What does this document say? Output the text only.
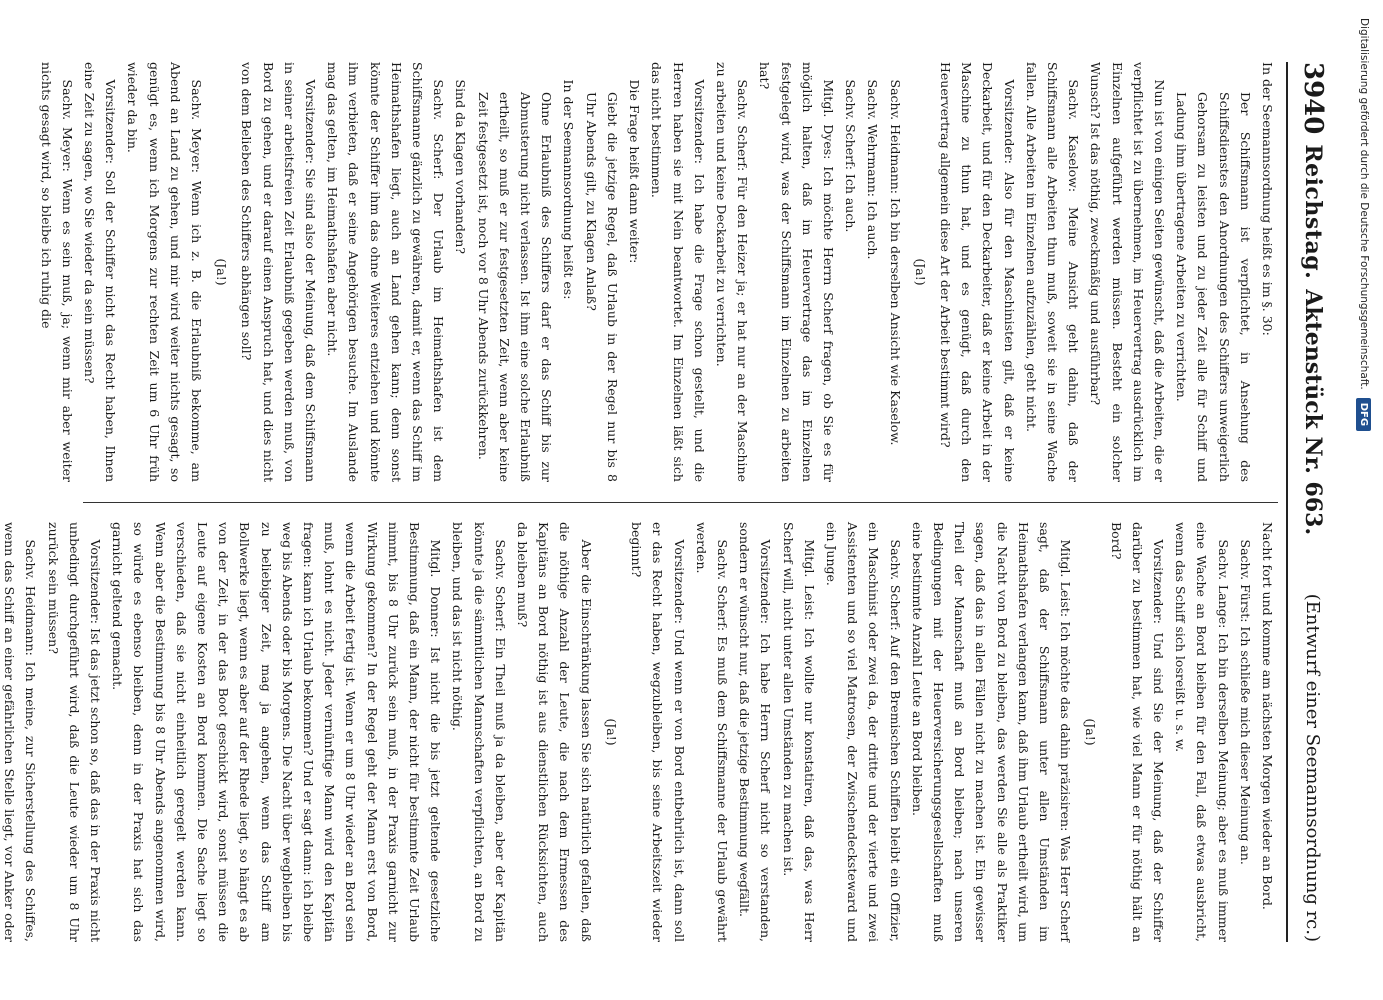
3940
Reichstag.
Aktenstück Nr. 663.
(Entwurf einer Seemannsordnung rc.)

In der Seemannsordnung heißt es im §. 30:

Der Schiffsmann ist verpflichtet, in Ansehung des Schiffsdienstes den Anordnungen des Schiffers unweigerlich Gehorsam zu leisten und zu jeder Zeit alle für Schiff und Ladung ihm übertragene Arbeiten zu verrichten.

Nun ist von einigen Seiten gewünscht, daß die Arbeiten, die er verpflichtet ist zu übernehmen, im Heuervertrag ausdrücklich im Einzelnen aufgeführt werden müssen. Besteht ein solcher Wunsch? Ist das nöthig, zweckmäßig und ausführbar?

Sachv. Kaselow: Meine Ansicht geht dahin, daß der Schiffsmann alle Arbeiten thun muß, soweit sie in seine Wache fallen. Alle Arbeiten im Einzelnen aufzuzählen, geht nicht.

Vorsitzender: Also für den Maschinisten gilt, daß er keine Deckarbeit, und für den Deckarbeiter, daß er keine Arbeit in der Maschine zu thun hat, und es genügt, daß durch den Heuervertrag allgemein diese Art der Arbeit bestimmt wird?

(Ja!)

Sachv. Heidmann: Ich bin derselben Ansicht wie Kaselow.

Sachv. Wehrmann: Ich auch.

Sachv. Scherf: Ich auch.

Mitgl. Dyes: Ich möchte Herrn Scherf fragen, ob Sie es für möglich halten, daß im Heuervertrage das im Einzelnen festgelegt wird, was der Schiffsmann im Einzelnen zu arbeiten hat?

Sachv. Scherf: Für den Heizer ja; er hat nur an der Maschine zu arbeiten und keine Deckarbeit zu verrichten.

Vorsitzender: Ich habe die Frage schon gestellt, und die Herren haben sie mit Nein beantwortet. Im Einzelnen läßt sich das nicht bestimmen.

Die Frage heißt dann weiter:

Giebt die jetzige Regel, daß Urlaub in der Regel nur bis 8 Uhr Abends gilt, zu Klagen Anlaß?

In der Seemannsordnung heißt es:

Ohne Erlaubniß des Schiffers darf er das Schiff bis zur Abmusterung nicht verlassen. Ist ihm eine solche Erlaubniß ertheilt, so muß er zur festgesetzten Zeit, wenn aber keine Zeit festgesetzt ist, noch vor 8 Uhr Abends zurückkehren.

Sind da Klagen vorhanden?

Sachv. Scherf: Der Urlaub im Heimathshafen ist dem Schiffsmanne gänzlich zu gewähren, damit er, wenn das Schiff im Heimathshafen liegt, auch an Land gehen kann; denn sonst könnte der Schiffer ihm das ohne Weiteres entziehen und könnte ihm verbieten, daß er seine Angehörigen besuche. Im Auslande mag das gelten, im Heimathshafen aber nicht.

Vorsitzender: Sie sind also der Meinung, daß dem Schiffsmann in seiner arbeitsfreien Zeit Erlaubniß gegeben werden muß, von Bord zu gehen, und er darauf einen Anspruch hat, und dies nicht von dem Belieben des Schiffers abhängen soll?

(Ja!)

Sachv. Meyer: Wenn ich z. B. die Erlaubniß bekomme, am Abend an Land zu gehen, und mir wird weiter nichts gesagt, so genügt es, wenn ich Morgens zur rechten Zeit um 6 Uhr früh wieder da bin.

Vorsitzender: Soll der Schiffer nicht das Recht haben, Ihnen eine Zeit zu sagen, wo Sie wieder da sein müssen?

Sachv. Meyer: Wenn es sein muß, ja; wenn mir aber weiter nichts gesagt wird, so bleibe ich ruhig die

Nacht fort und komme am nächsten Morgen wieder an Bord.

Sachv. Fürst: Ich schließe mich dieser Meinung an.

Sachv. Lange: Ich bin derselben Meinung; aber es muß immer eine Wache an Bord bleiben für den Fall, daß etwas ausbricht, wenn das Schiff sich losreißt u. s. w.

Vorsitzender: Und sind Sie der Meinung, daß der Schiffer darüber zu bestimmen hat, wie viel Mann er für nöthig hält an Bord?

(Ja!)

Mitgl. Leist: Ich möchte das dahin präzisiren: Was Herr Scherf sagt, daß der Schiffsmann unter allen Umständen im Heimathshafen verlangen kann, daß ihm Urlaub ertheilt wird, um die Nacht von Bord zu bleiben, das werden Sie alle als Praktiker sagen, daß das in allen Fällen nicht zu machen ist. Ein gewisser Theil der Mannschaft muß an Bord bleiben; nach unseren Bedingungen mit der Heuerversicherungsgesellschaften muß eine bestimmte Anzahl Leute an Bord bleiben.

Sachv. Scherf: Auf den Bremischen Schiffen bleibt ein Offizier, ein Maschinist oder zwei da, der dritte und der vierte und zwei Assistenten und so viel Matrosen, der Zwischendecksteward und ein Junge.

Mitgl. Leist: Ich wollte nur konstatiren, daß das, was Herr Scherf will, nicht unter allen Umständen zu machen ist.

Vorsitzender: Ich habe Herrn Scherf nicht so verstanden, sondern er wünscht nur, daß die jetzige Bestimmung wegfällt.

Sachv. Scherf: Es muß dem Schiffsmanne der Urlaub gewährt werden.

Vorsitzender: Und wenn er von Bord entbehrlich ist, dann soll er das Recht haben, wegzubleiben, bis seine Arbeitszeit wieder beginnt?

(Ja!)

Aber die Einschränkung lassen Sie sich natürlich gefallen, daß die nöthige Anzahl der Leute, die nach dem Ermessen des Kapitäns an Bord nöthig ist aus dienstlichen Rücksichten, auch da bleiben muß?

Sachv. Scherf: Ein Theil muß ja da bleiben, aber der Kapitän könnte ja die sämmtlichen Mannschaften verpflichten, an Bord zu bleiben, und das ist nicht nöthig.

Mitgl. Donner: Ist nicht die bis jetzt geltende gesetzliche Bestimmung, daß ein Mann, der nicht für bestimmte Zeit Urlaub nimmt, bis 8 Uhr zurück sein muß, in der Praxis garnicht zur Wirkung gekommen? In der Regel geht der Mann erst von Bord, wenn die Arbeit fertig ist. Wenn er um 8 Uhr wieder an Bord sein muß, lohnt es nicht. Jeder vernünftige Mann wird den Kapitän fragen: kann ich Urlaub bekommen? Und er sagt dann: ich bleibe weg bis Abends oder bis Morgens. Die Nacht über wegbleiben bis zu beliebiger Zeit, mag ja angehen, wenn das Schiff am Bollwerke liegt, wenn es aber auf der Rhede liegt, so hängt es ab von der Zeit, in der das Boot geschickt wird, sonst müssen die Leute auf eigene Kosten an Bord kommen. Die Sache liegt so verschieden, daß sie nicht einheitlich geregelt werden kann. Wenn aber die Bestimmung bis 8 Uhr Abends angenommen wird, so würde es ebenso bleiben, denn in der Praxis hat sich das garnicht geltend gemacht.

Vorsitzender: Ist das jetzt schon so, daß das in der Praxis nicht unbedingt durchgeführt wird, daß die Leute wieder um 8 Uhr zurück sein müssen?

Sachv. Heidmann: Ich meine, zur Sicherstellung des Schiffes, wenn das Schiff an einer gefährlichen Stelle liegt, vor Anker oder

Digitalisierung gefördert durch die Deutsche Forschungsgemeinschaft.
DFG
